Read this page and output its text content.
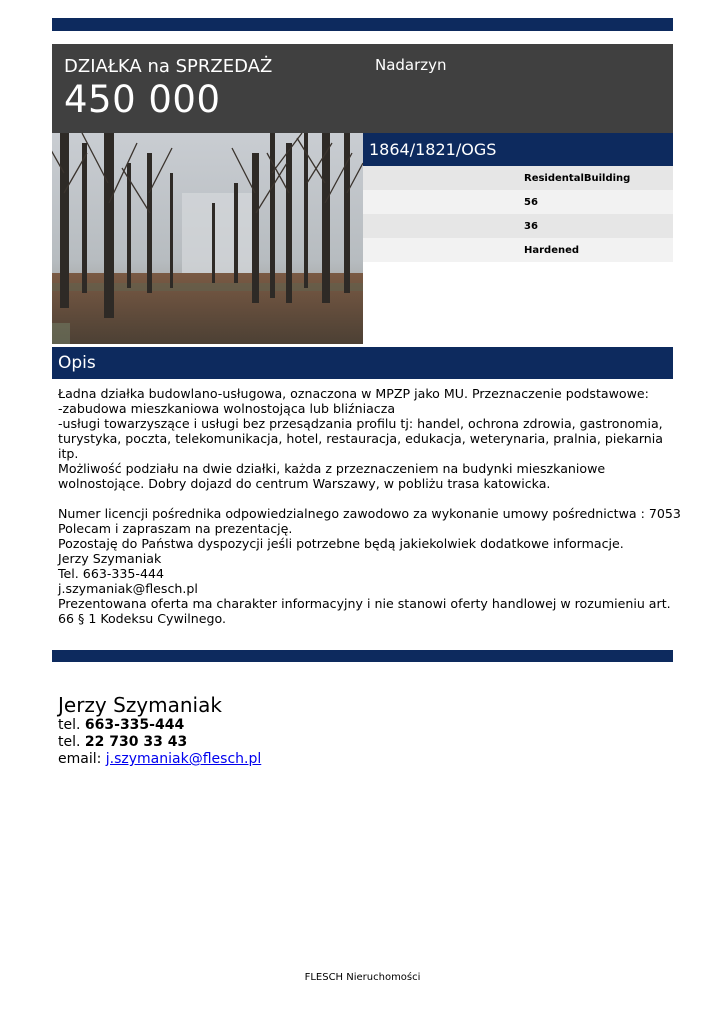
DZIAŁKA na SPRZEDAŻ
450 000
Nadarzyn
1864/1821/OGS
ResidentalBuilding
56
36
Hardened
Opis
Ładna działka budowlano-usługowa, oznaczona w MPZP jako MU. Przeznaczenie podstawowe:
-zabudowa mieszkaniowa wolnostojąca lub bliźniacza
-usługi towarzyszące i usługi bez przesądzania profilu tj: handel, ochrona zdrowia, gastronomia,
turystyka, poczta, telekomunikacja, hotel, restauracja, edukacja, weterynaria, pralnia, piekarnia
itp.
Możliwość podziału na dwie działki, każda z przeznaczeniem na budynki mieszkaniowe
wolnostojące. Dobry dojazd do centrum Warszawy, w pobliżu trasa katowicka.
Numer licencji pośrednika odpowiedzialnego zawodowo za wykonanie umowy pośrednictwa : 7053
Polecam i zapraszam na prezentację.
Pozostaję do Państwa dyspozycji jeśli potrzebne będą jakiekolwiek dodatkowe informacje.
Jerzy Szymaniak
Tel. 663-335-444
j.szymaniak@flesch.pl
Prezentowana oferta ma charakter informacyjny i nie stanowi oferty handlowej w rozumieniu art.
66 § 1 Kodeksu Cywilnego.
Jerzy Szymaniak
tel. 663-335-444
tel. 22 730 33 43
email: j.szymaniak@flesch.pl
FLESCH Nieruchomości
